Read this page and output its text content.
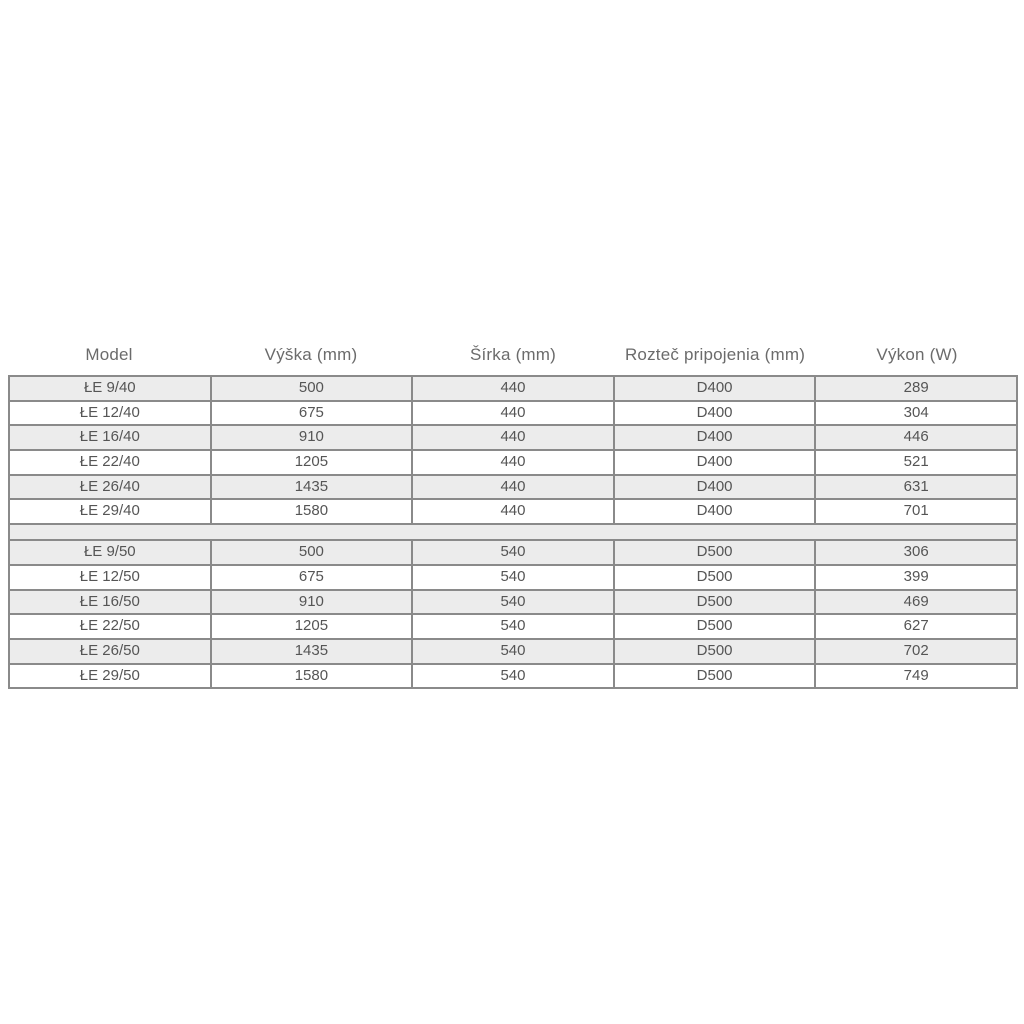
Model	Výška (mm)	Šírka (mm)	Rozteč pripojenia (mm)	Výkon (W)
ŁE 9/40	500	440	D400	289
ŁE 12/40	675	440	D400	304
ŁE 16/40	910	440	D400	446
ŁE 22/40	1205	440	D400	521
ŁE 26/40	1435	440	D400	631
ŁE 29/40	1580	440	D400	701
ŁE 9/50	500	540	D500	306
ŁE 12/50	675	540	D500	399
ŁE 16/50	910	540	D500	469
ŁE 22/50	1205	540	D500	627
ŁE 26/50	1435	540	D500	702
ŁE 29/50	1580	540	D500	749
